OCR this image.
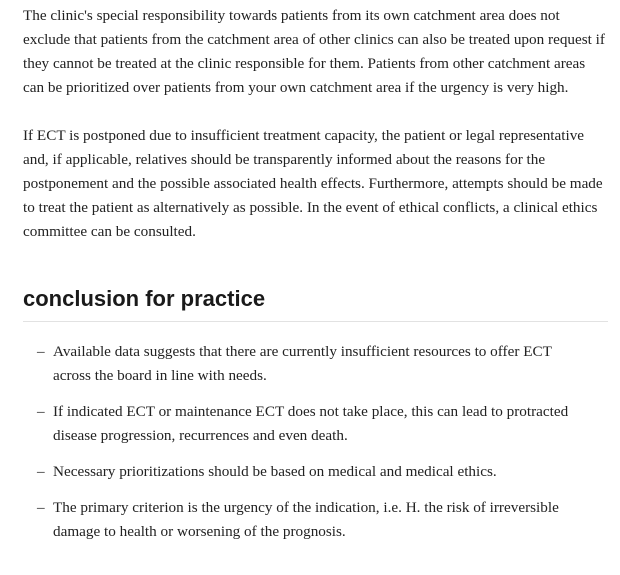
The clinic's special responsibility towards patients from its own catchment area does not exclude that patients from the catchment area of other clinics can also be treated upon request if they cannot be treated at the clinic responsible for them. Patients from other catchment areas can be prioritized over patients from your own catchment area if the urgency is very high.

If ECT is postponed due to insufficient treatment capacity, the patient or legal representative and, if applicable, relatives should be transparently informed about the reasons for the postponement and the possible associated health effects. Furthermore, attempts should be made to treat the patient as alternatively as possible. In the event of ethical conflicts, a clinical ethics committee can be consulted.

conclusion for practice
– Available data suggests that there are currently insufficient resources to offer ECT across the board in line with needs.
– If indicated ECT or maintenance ECT does not take place, this can lead to protracted disease progression, recurrences and even death.
– Necessary prioritizations should be based on medical and medical ethics.
– The primary criterion is the urgency of the indication, i.e. H. the risk of irreversible damage to health or worsening of the prognosis.
